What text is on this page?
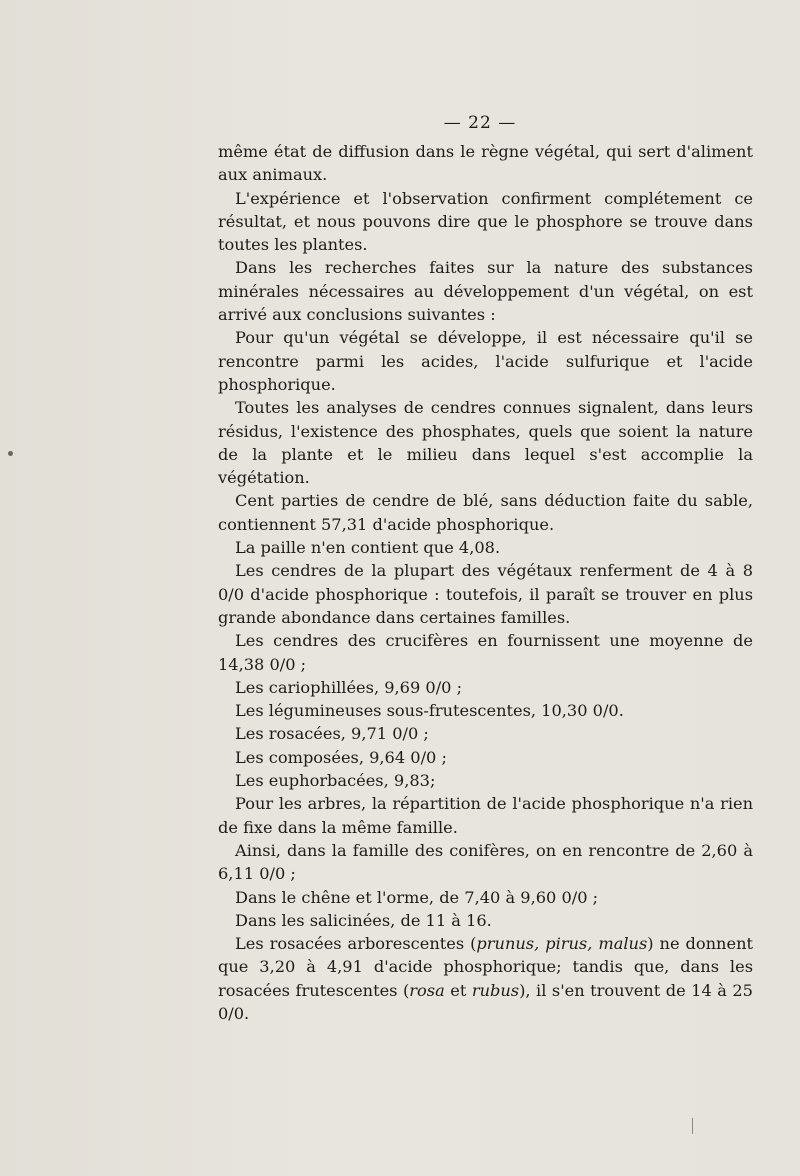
— 22 —

même état de diffusion dans le règne végétal, qui sert d'aliment aux animaux.

L'expérience et l'observation confirment complétement ce résultat, et nous pouvons dire que le phosphore se trouve dans toutes les plantes.

Dans les recherches faites sur la nature des substances minérales nécessaires au développement d'un végétal, on est arrivé aux conclusions suivantes :

Pour qu'un végétal se développe, il est nécessaire qu'il se rencontre parmi les acides, l'acide sulfurique et l'acide phosphorique.

Toutes les analyses de cendres connues signalent, dans leurs résidus, l'existence des phosphates, quels que soient la nature de la plante et le milieu dans lequel s'est accomplie la végétation.

Cent parties de cendre de blé, sans déduction faite du sable, contiennent 57,31 d'acide phosphorique.

La paille n'en contient que 4,08.

Les cendres de la plupart des végétaux renferment de 4 à 8 0/0 d'acide phosphorique : toutefois, il paraît se trouver en plus grande abondance dans certaines familles.

Les cendres des crucifères en fournissent une moyenne de 14,38 0/0 ;

Les cariophillées, 9,69 0/0 ;

Les légumineuses sous-frutescentes, 10,30 0/0.

Les rosacées, 9,71 0/0 ;

Les composées, 9,64 0/0 ;

Les euphorbacées, 9,83;

Pour les arbres, la répartition de l'acide phosphorique n'a rien de fixe dans la même famille.

Ainsi, dans la famille des conifères, on en rencontre de 2,60 à 6,11 0/0 ;

Dans le chêne et l'orme, de 7,40 à 9,60 0/0 ;

Dans les salicinées, de 11 à 16.

Les rosacées arborescentes (prunus, pirus, malus) ne donnent que 3,20 à 4,91 d'acide phosphorique; tandis que, dans les rosacées frutescentes (rosa et rubus), il s'en trouvent de 14 à 25 0/0.
